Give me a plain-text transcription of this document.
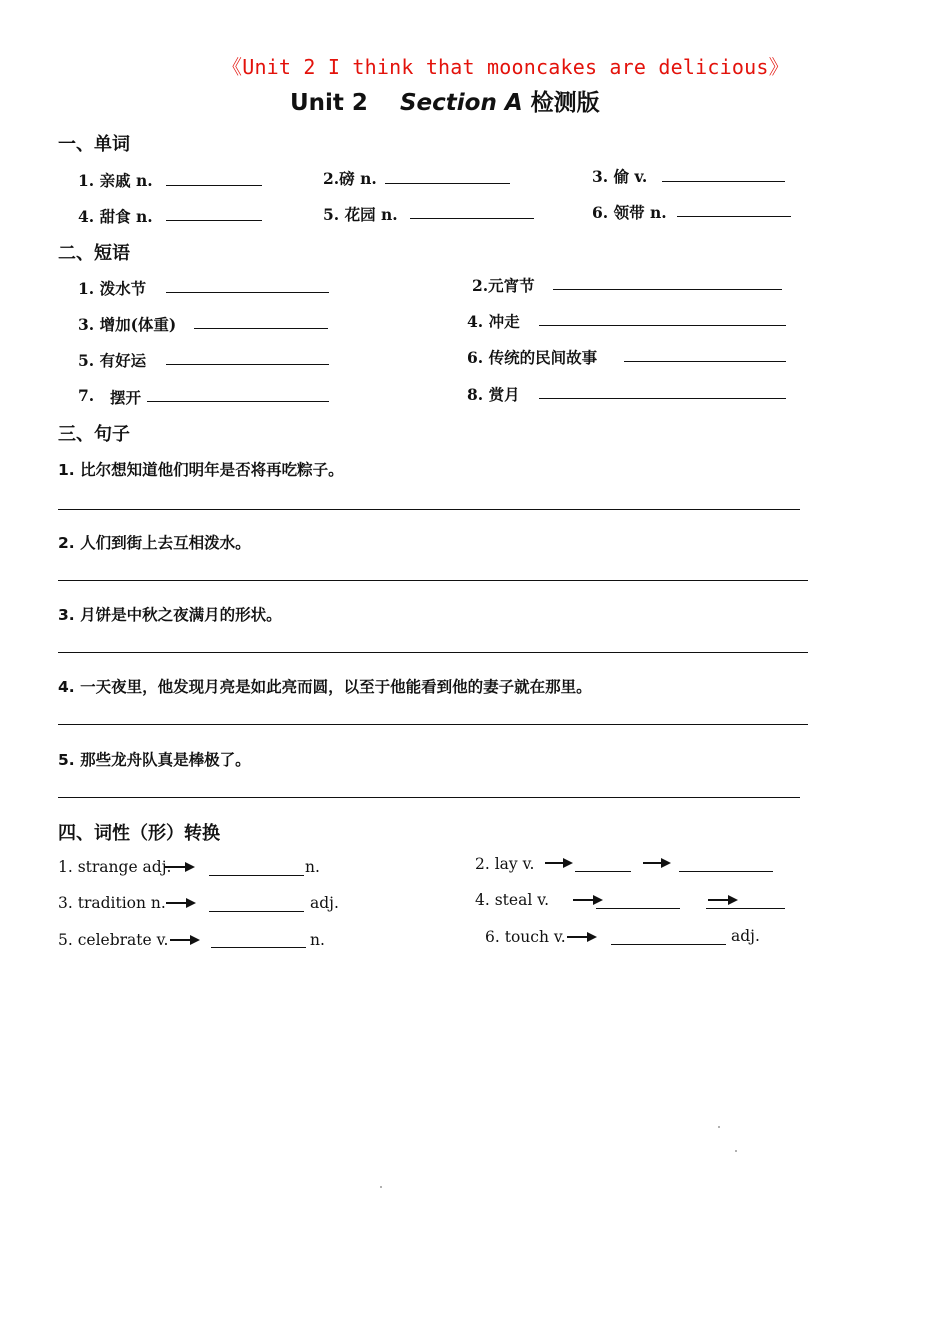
《Unit 2 I think that mooncakes are delicious》
Unit 2 Section A 检测版
一、单词
1. 亲戚 n.	2.磅 n.	3. 偷 v.
4. 甜食 n.	5. 花园 n.	6. 领带 n.
二、短语
1. 泼水节	2.元宵节
3. 增加(体重)	4. 冲走
5. 有好运	6. 传统的民间故事
7. 摆开	8. 赏月
三、句子
1. 比尔想知道他们明年是否将再吃粽子。
2. 人们到街上去互相泼水。
3. 月饼是中秋之夜满月的形状。
4. 一天夜里，他发现月亮是如此亮而圆，以至于他能看到他的妻子就在那里。
5. 那些龙舟队真是棒极了。
四、词性（形）转换
1. strange adj.	n.	2. lay v.
3. tradition n.	adj.	4. steal v.
5. celebrate v.	n.	6. touch v.	adj.
